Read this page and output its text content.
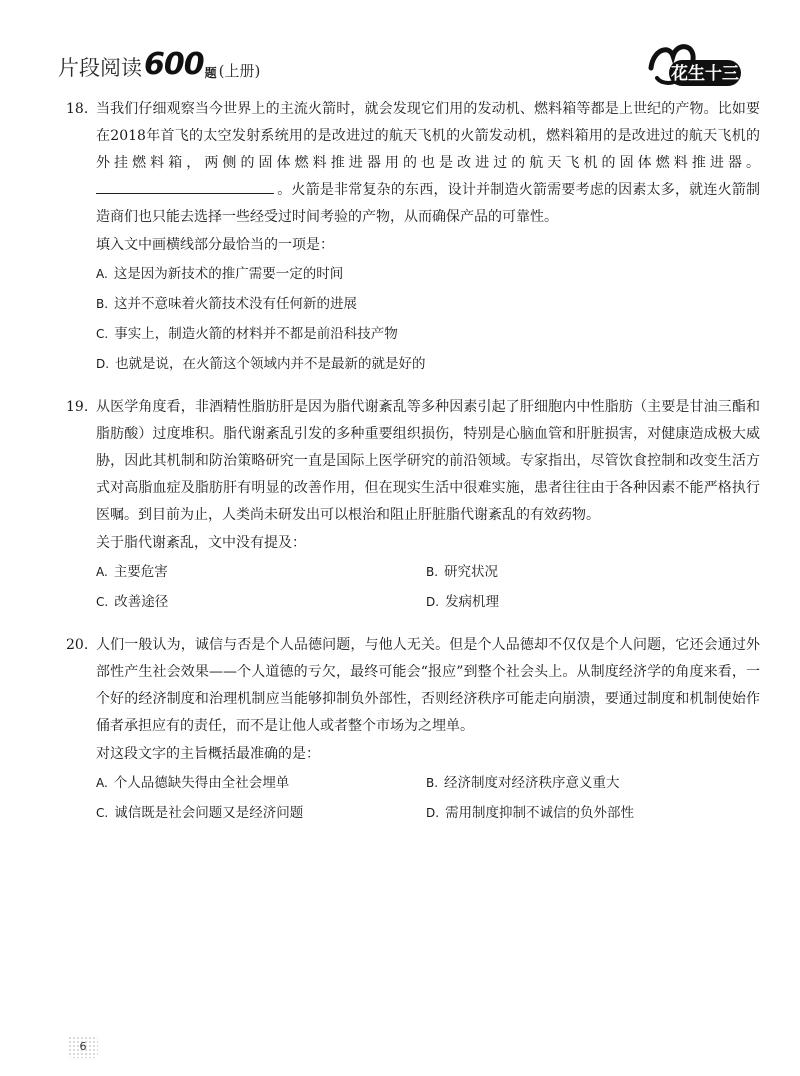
片段阅读 600 题 (上册)	花生十三
18. 当我们仔细观察当今世界上的主流火箭时，就会发现它们用的发动机、燃料箱等都是上世纪的产物。比如要在2018年首飞的太空发射系统用的是改进过的航天飞机的火箭发动机，燃料箱用的是改进过的航天飞机的外挂燃料箱，两侧的固体燃料推进器用的也是改进过的航天飞机的固体燃料推进器。 。火箭是非常复杂的东西，设计并制造火箭需要考虑的因素太多，就连火箭制造商们也只能去选择一些经受过时间考验的产物，从而确保产品的可靠性。

填入文中画横线部分最恰当的一项是：

A. 这是因为新技术的推广需要一定的时间
B. 这并不意味着火箭技术没有任何新的进展
C. 事实上，制造火箭的材料并不都是前沿科技产物
D. 也就是说，在火箭这个领域内并不是最新的就是好的
19. 从医学角度看，非酒精性脂肪肝是因为脂代谢紊乱等多种因素引起了肝细胞内中性脂肪（主要是甘油三酯和脂肪酸）过度堆积。脂代谢紊乱引发的多种重要组织损伤，特别是心脑血管和肝脏损害，对健康造成极大威胁，因此其机制和防治策略研究一直是国际上医学研究的前沿领域。专家指出，尽管饮食控制和改变生活方式对高脂血症及脂肪肝有明显的改善作用，但在现实生活中很难实施，患者往往由于各种因素不能严格执行医嘱。到目前为止，人类尚未研发出可以根治和阻止肝脏脂代谢紊乱的有效药物。

关于脂代谢紊乱，文中没有提及：

A. 主要危害	B. 研究状况
C. 改善途径	D. 发病机理
20. 人们一般认为，诚信与否是个人品德问题，与他人无关。但是个人品德却不仅仅是个人问题，它还会通过外部性产生社会效果——个人道德的亏欠，最终可能会“报应”到整个社会头上。从制度经济学的角度来看，一个好的经济制度和治理机制应当能够抑制负外部性，否则经济秩序可能走向崩溃，要通过制度和机制使始作俑者承担应有的责任，而不是让他人或者整个市场为之埋单。

对这段文字的主旨概括最准确的是：

A. 个人品德缺失得由全社会埋单	B. 经济制度对经济秩序意义重大
C. 诚信既是社会问题又是经济问题	D. 需用制度抑制不诚信的负外部性
6
